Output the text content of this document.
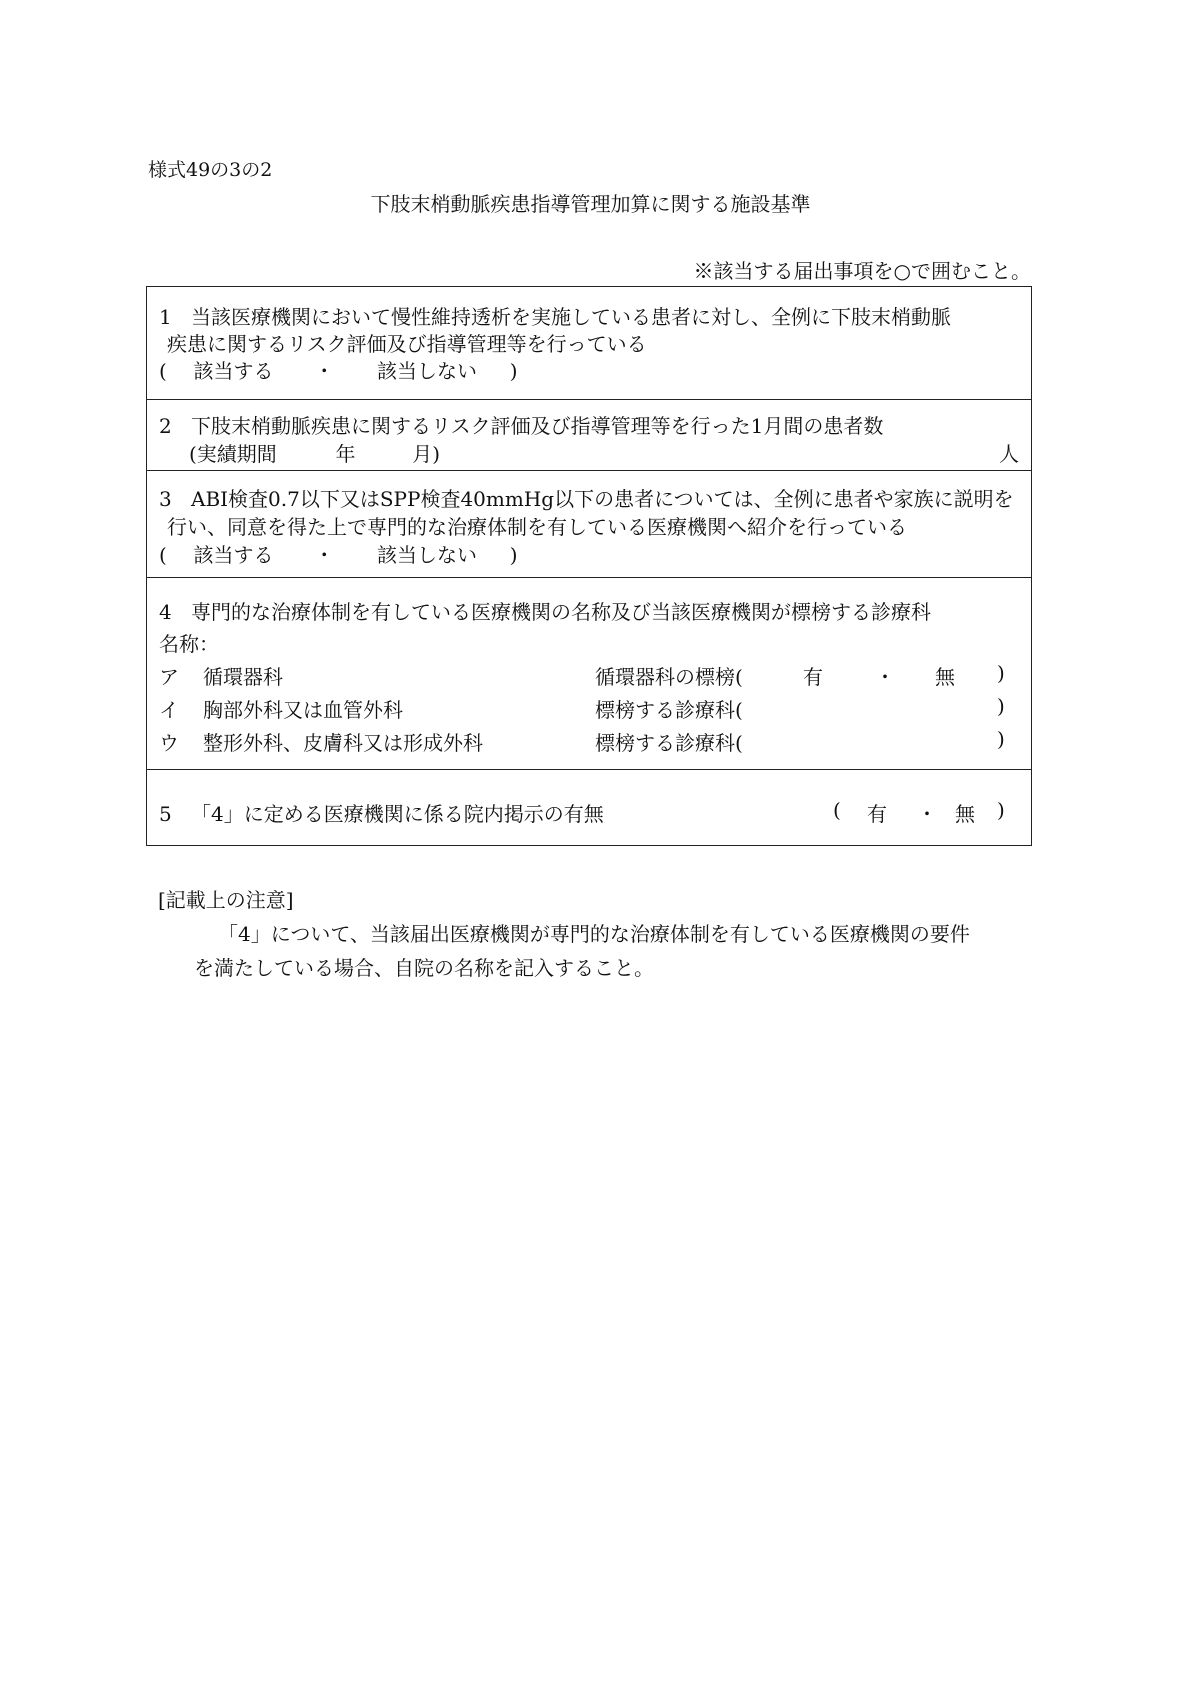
様式49の3の2
下肢末梢動脈疾患指導管理加算に関する施設基準
※該当する届出事項を○で囲むこと。
1 当該医療機関において慢性維持透析を実施している患者に対し、全例に下肢末梢動脈
疾患に関するリスク評価及び指導管理等を行っている
( 該当する ・ 該当しない )
2 下肢末梢動脈疾患に関するリスク評価及び指導管理等を行った1月間の患者数
(実績期間	年	月)	人
3 ABI検査0.7以下又はSPP検査40mmHg以下の患者については、全例に患者や家族に説明を
行い、同意を得た上で専門的な治療体制を有している医療機関へ紹介を行っている
( 該当する ・ 該当しない )
4 専門的な治療体制を有している医療機関の名称及び当該医療機関が標榜する診療科
名称：
ア 循環器科	循環器科の標榜(	有	・ 無 )
イ 胸部外科又は血管外科	標榜する診療科(	)
ウ 整形外科、皮膚科又は形成外科	標榜する診療科(	)
5 「4」に定める医療機関に係る院内掲示の有無	( 有 ・ 無 )
[記載上の注意]
「4」について、当該届出医療機関が専門的な治療体制を有している医療機関の要件
を満たしている場合、自院の名称を記入すること。
